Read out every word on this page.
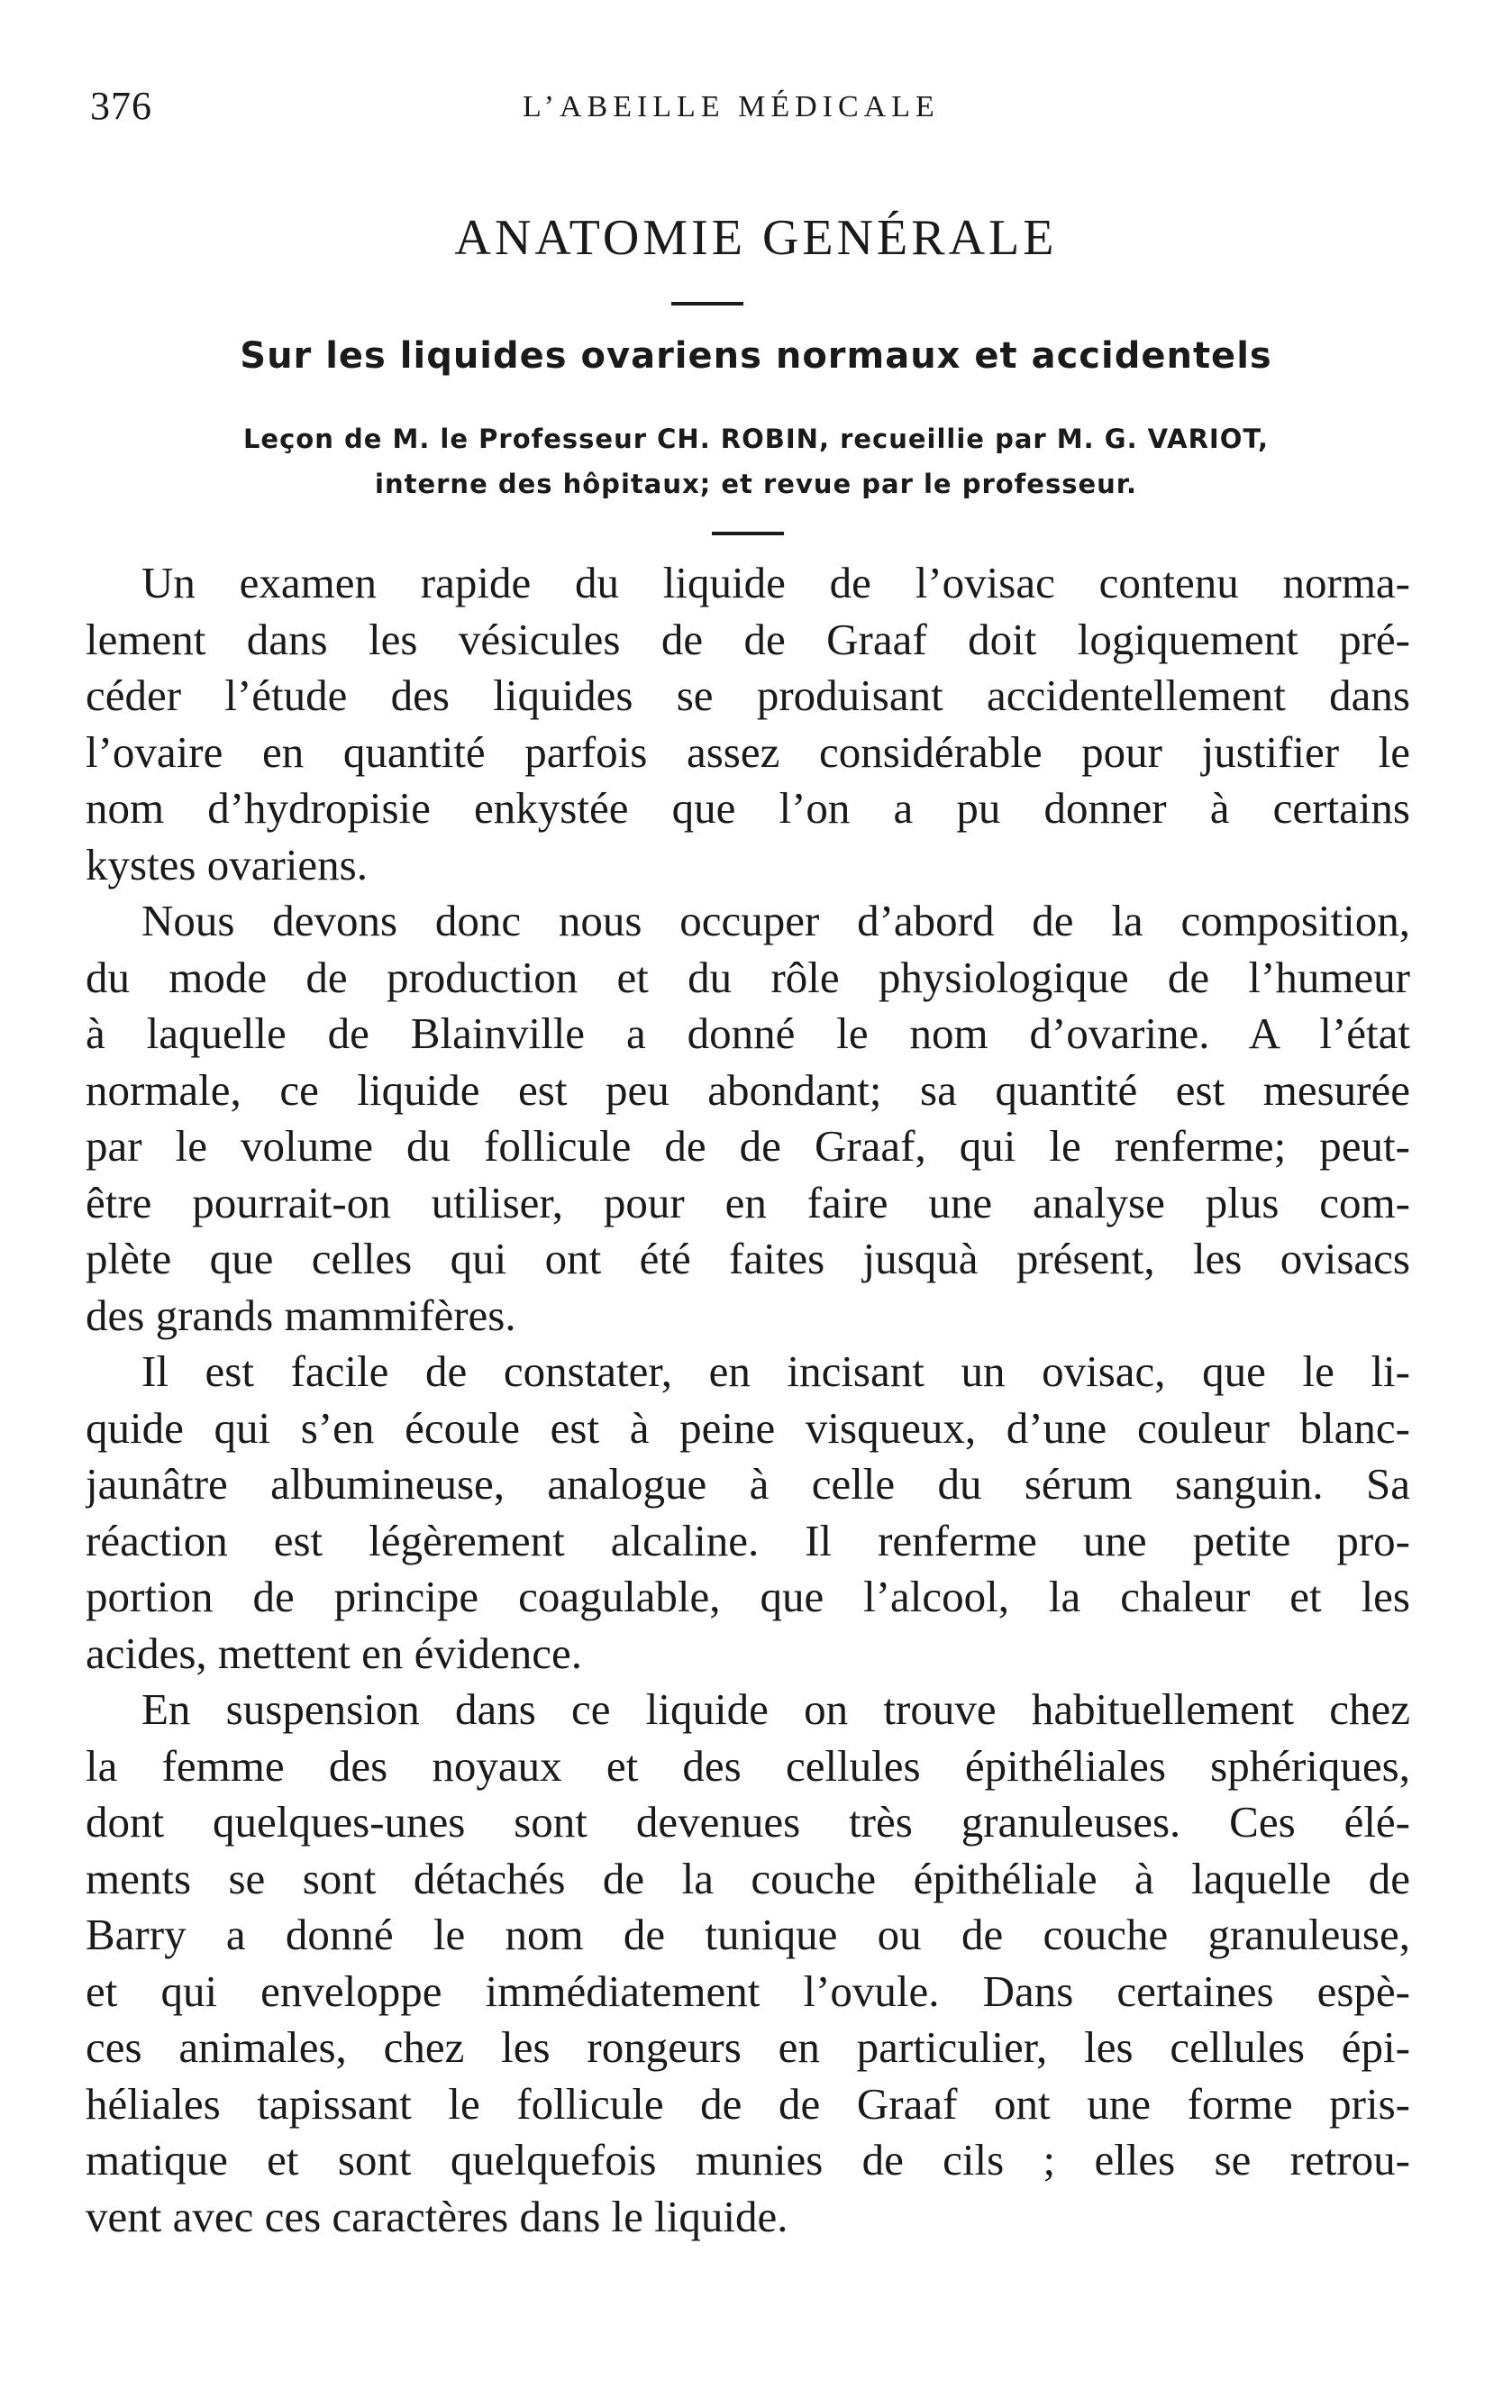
376	L’ABEILLE MÉDICALE
ANATOMIE GENÉRALE
Sur les liquides ovariens normaux et accidentels
Leçon de M. le Professeur CH. ROBIN, recueillie par M. G. VARIOT,
interne des hôpitaux; et revue par le professeur.
Un examen rapide du liquide de l’ovisac contenu norma-
lement dans les vésicules de de Graaf doit logiquement pré-
céder l’étude des liquides se produisant accidentellement dans
l’ovaire en quantité parfois assez considérable pour justifier le
nom d’hydropisie enkystée que l’on a pu donner à certains
kystes ovariens.
Nous devons donc nous occuper d’abord de la composition,
du mode de production et du rôle physiologique de l’humeur
à laquelle de Blainville a donné le nom d’ovarine. A l’état
normale, ce liquide est peu abondant; sa quantité est mesurée
par le volume du follicule de de Graaf, qui le renferme; peut-
être pourrait-on utiliser, pour en faire une analyse plus com-
plète que celles qui ont été faites jusquà présent, les ovisacs
des grands mammifères.
Il est facile de constater, en incisant un ovisac, que le li-
quide qui s’en écoule est à peine visqueux, d’une couleur blanc-
jaunâtre albumineuse, analogue à celle du sérum sanguin. Sa
réaction est légèrement alcaline. Il renferme une petite pro-
portion de principe coagulable, que l’alcool, la chaleur et les
acides, mettent en évidence.
En suspension dans ce liquide on trouve habituellement chez
la femme des noyaux et des cellules épithéliales sphériques,
dont quelques-unes sont devenues très granuleuses. Ces élé-
ments se sont détachés de la couche épithéliale à laquelle de
Barry a donné le nom de tunique ou de couche granuleuse,
et qui enveloppe immédiatement l’ovule. Dans certaines espè-
ces animales, chez les rongeurs en particulier, les cellules épi-
héliales tapissant le follicule de de Graaf ont une forme pris-
matique et sont quelquefois munies de cils ; elles se retrou-
vent avec ces caractères dans le liquide.
